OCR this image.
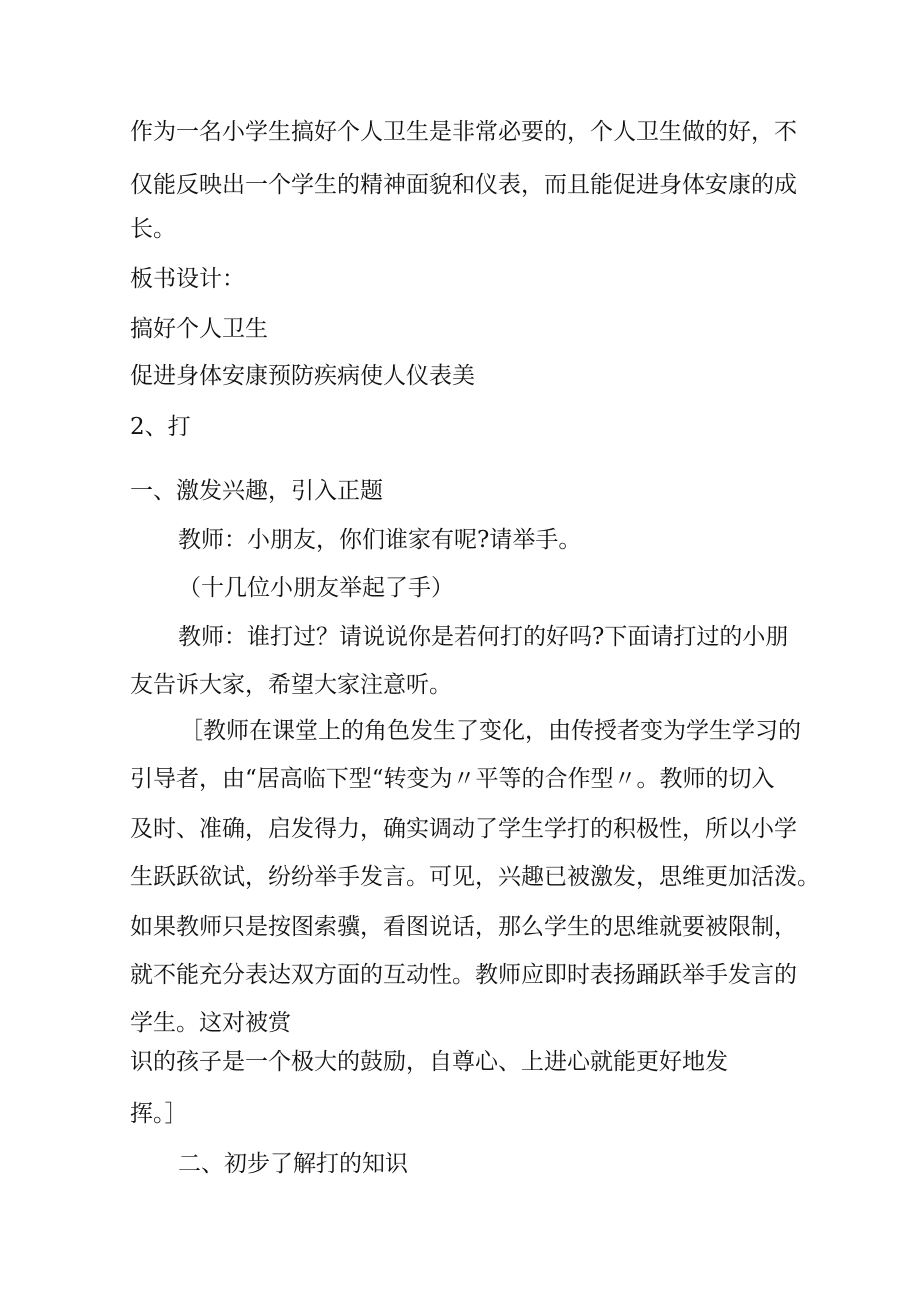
作为一名小学生搞好个人卫生是非常必要的，个人卫生做的好，不

仅能反映出一个学生的精神面貌和仪表，而且能促进身体安康的成

长。

板书设计：

搞好个人卫生

促进身体安康预防疾病使人仪表美

2、打

一、激发兴趣，引入正题

教师：小朋友，你们谁家有呢?请举手。

（十几位小朋友举起了手）

教师：谁打过？请说说你是若何打的好吗?下面请打过的小朋

友告诉大家，希望大家注意听。

［教师在课堂上的角色发生了变化，由传授者变为学生学习的

引导者，由“居高临下型“转变为〃平等的合作型〃。教师的切入

及时、准确，启发得力，确实调动了学生学打的积极性，所以小学

生跃跃欲试，纷纷举手发言。可见，兴趣已被激发，思维更加活泼。

如果教师只是按图索骥，看图说话，那么学生的思维就要被限制，

就不能充分表达双方面的互动性。教师应即时表扬踊跃举手发言的

学生。这对被赏

识的孩子是一个极大的鼓励，自尊心、上进心就能更好地发

挥。］

二、初步了解打的知识
